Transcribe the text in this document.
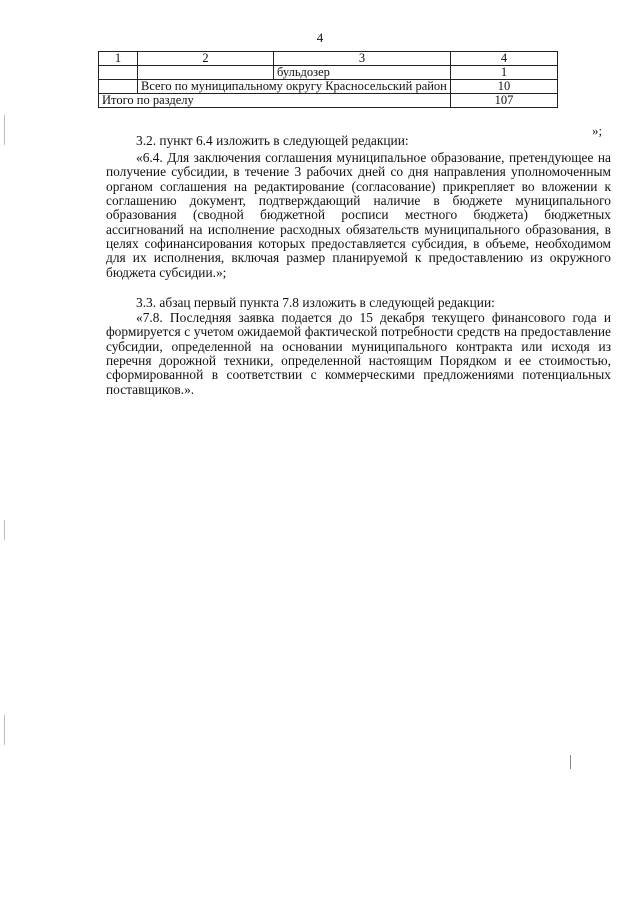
4
1	2	3	4
		бульдозер	1
	Всего по муниципальному округу Красносельский район		10
Итого по разделу			107
»;

3.2. пункт 6.4 изложить в следующей редакции:

«6.4. Для заключения соглашения муниципальное образование, претендующее на получение субсидии, в течение 3 рабочих дней со дня направления уполномоченным органом соглашения на редактирование (согласование) прикрепляет во вложении к соглашению документ, подтверждающий наличие в бюджете муниципального образования (сводной бюджетной росписи местного бюджета) бюджетных ассигнований на исполнение расходных обязательств муниципального образования, в целях софинансирования которых предоставляется субсидия, в объеме, необходимом для их исполнения, включая размер планируемой к предоставлению из окружного бюджета субсидии.»;

3.3. абзац первый пункта 7.8 изложить в следующей редакции:

«7.8. Последняя заявка подается до 15 декабря текущего финансового года и формируется с учетом ожидаемой фактической потребности средств на предоставление субсидии, определенной на основании муниципального контракта или исходя из перечня дорожной техники, определенной настоящим Порядком и ее стоимостью, сформированной в соответствии с коммерческими предложениями потенциальных поставщиков.».
